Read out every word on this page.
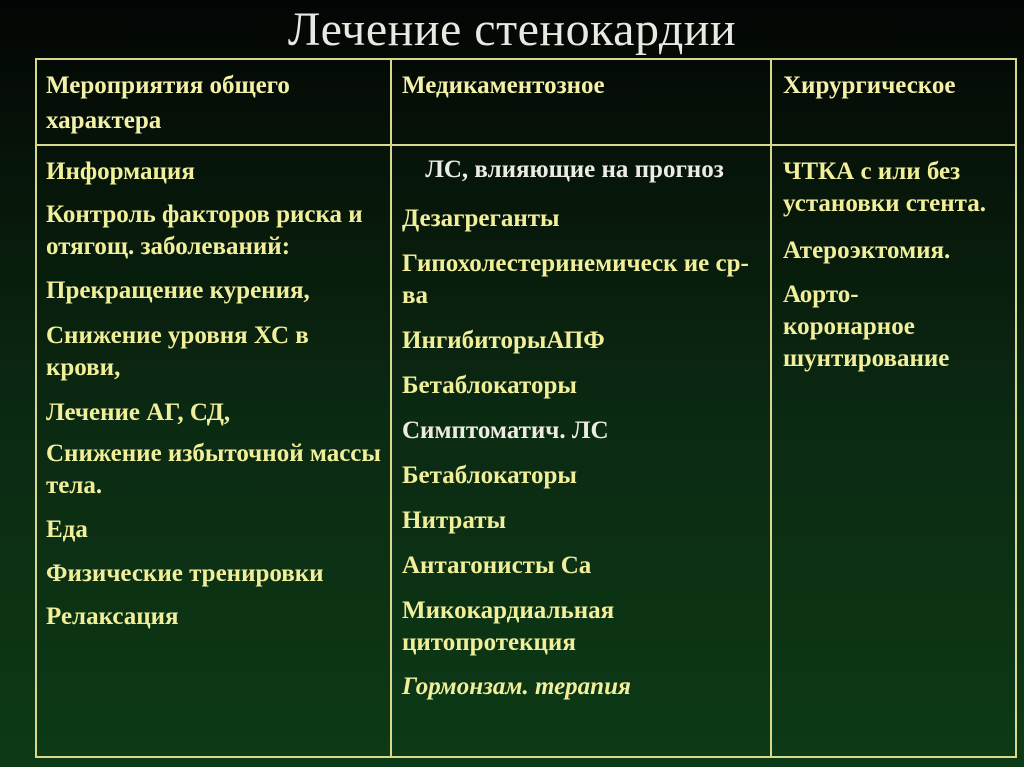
Лечение стенокардии
Мероприятия общего характера
Медикаментозное	Хирургическое
Информация
Контроль факторов риска и отягощ. заболеваний:
Прекращение курения,
Снижение уровня ХС в крови,
Лечение АГ, СД,
Снижение избыточной массы тела.
Еда
Физические тренировки
Релаксация
ЛС, влияющие на прогноз
Дезагреганты
Гипохолестеринемическ ие ср-ва
ИнгибиторыАПФ
Бетаблокаторы
Симптоматич. ЛС
Бетаблокаторы
Нитраты
Антагонисты Са
Микокардиальная цитопротекция
Гормонзам. терапия
ЧТКА с или без установки стента.
Атероэктомия.
Аорто-коронарное шунтирование
